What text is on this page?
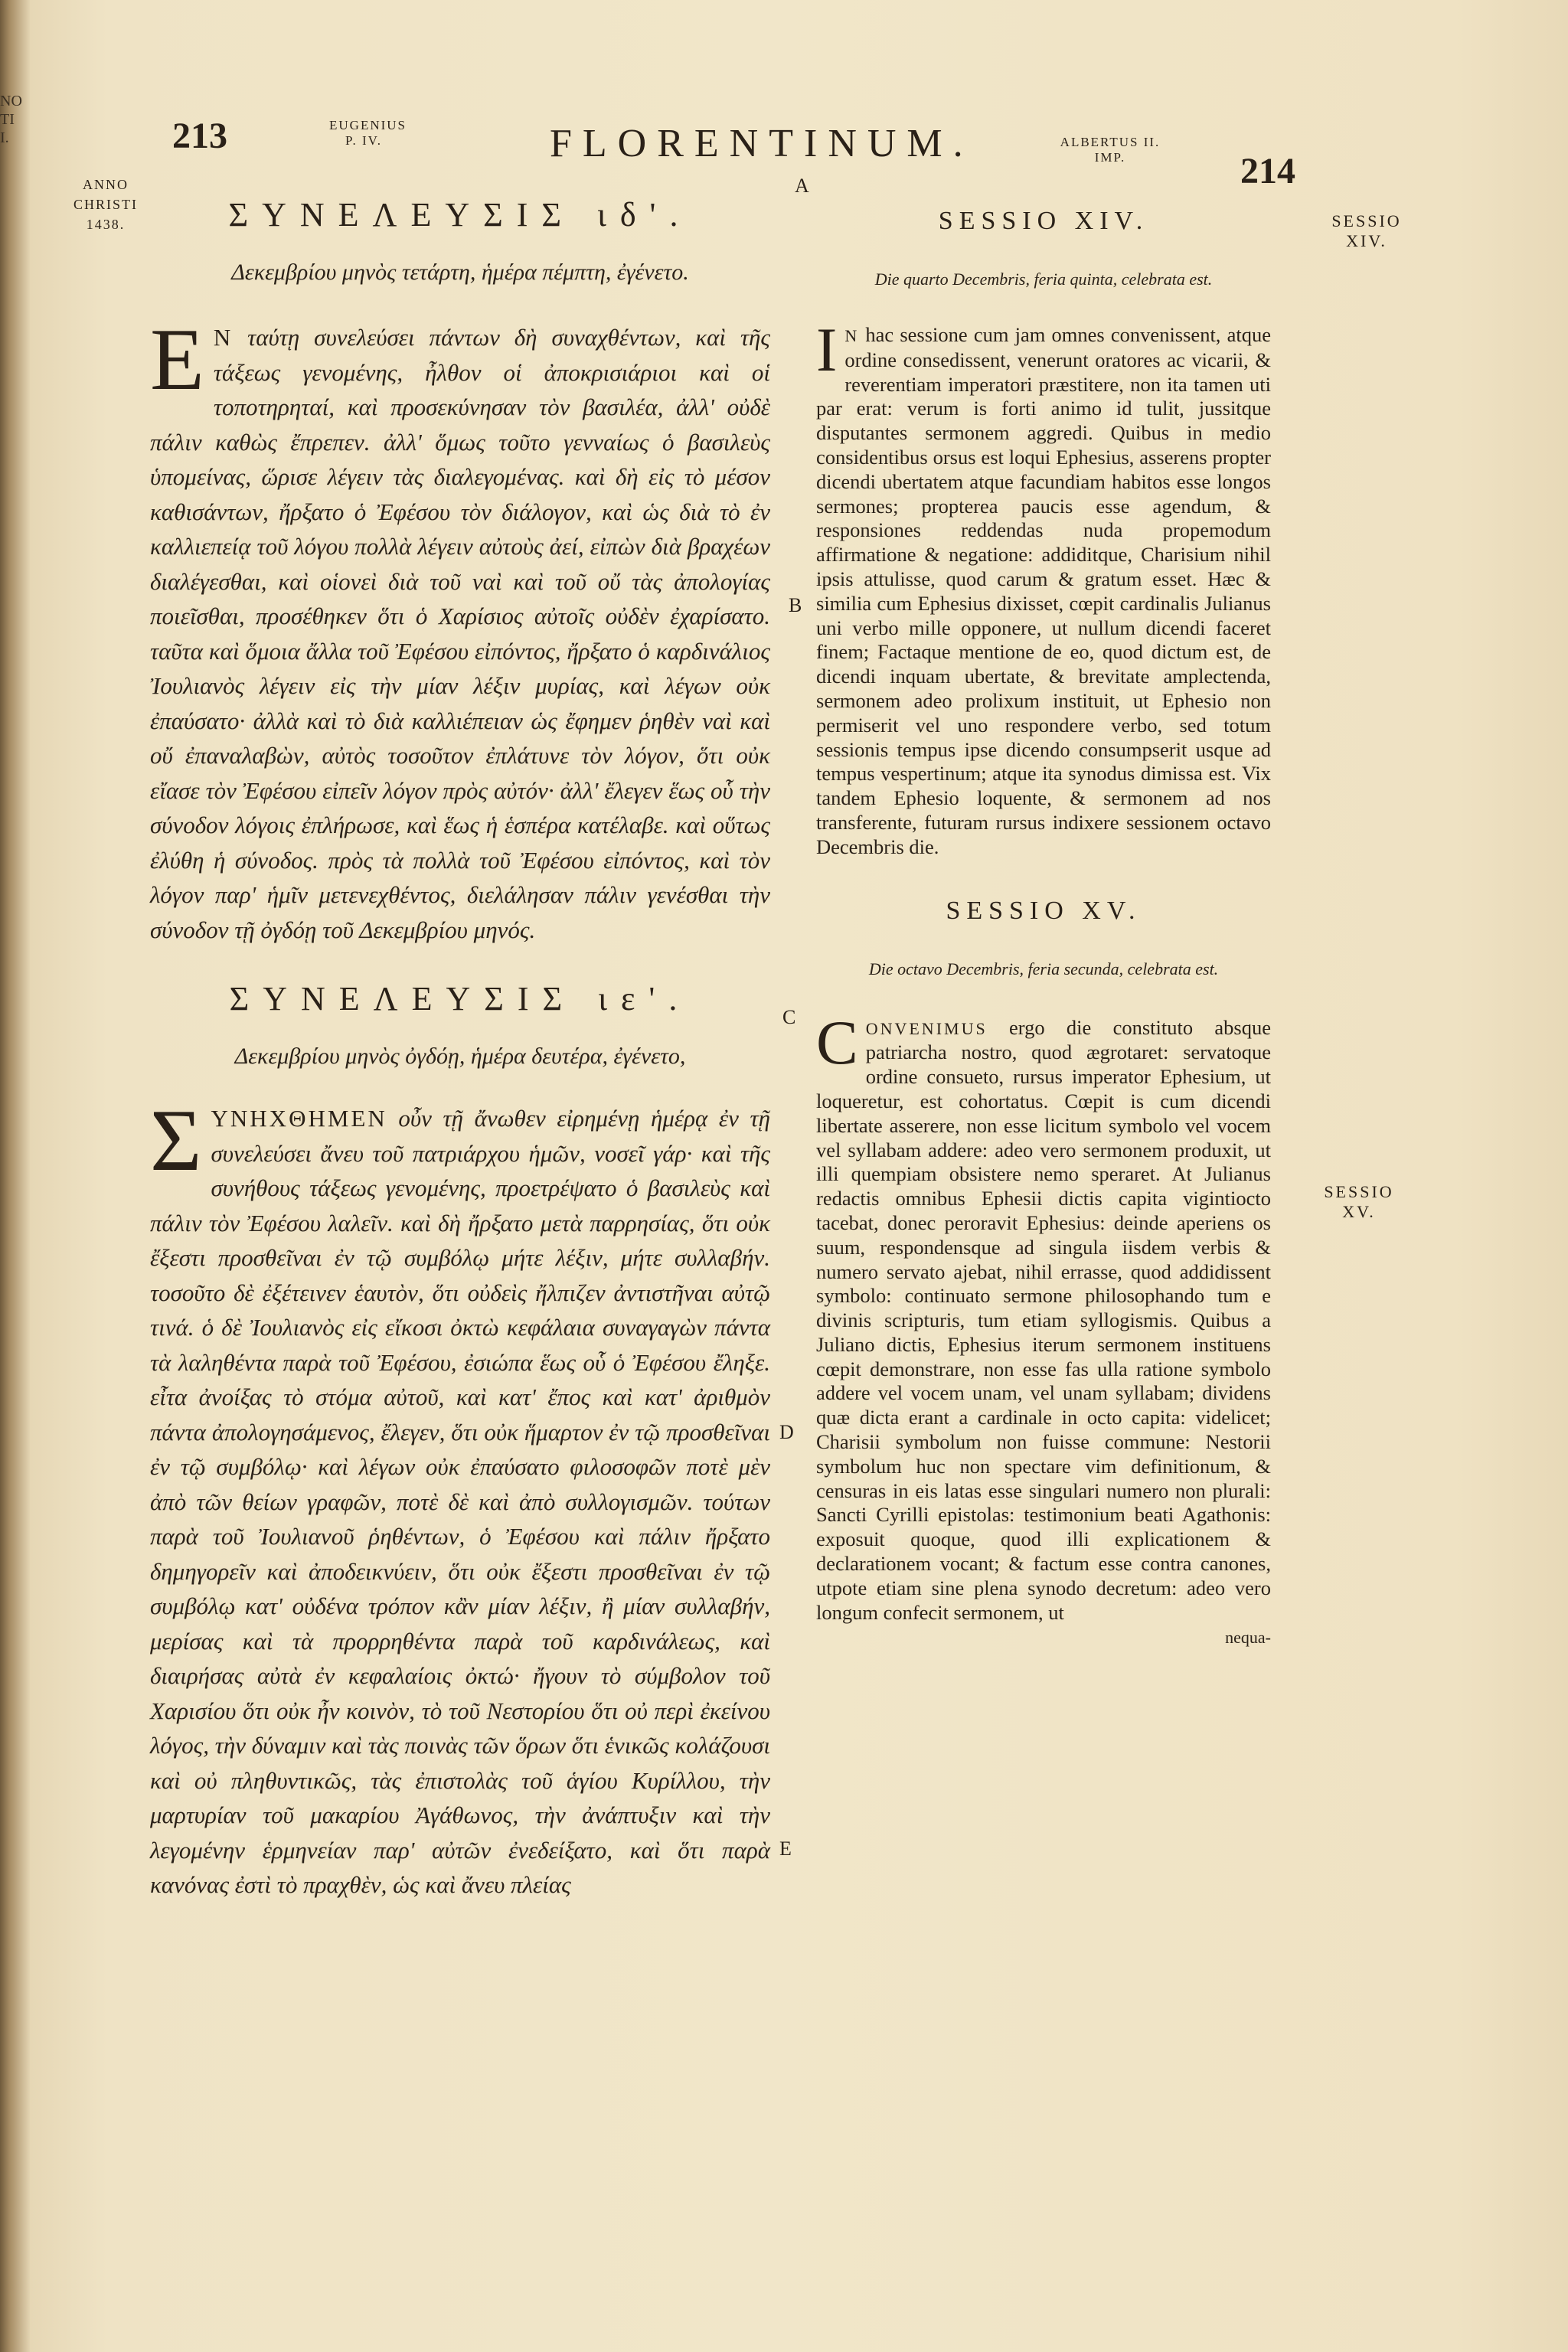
NO
TI
I.	213	EUGENIUS
P. IV.	FLORENTINUM.	ALBERTUS II.
IMP.	214
ANNO
CHRISTI
1438.	SESSIO
XIV.
SESSIO
XV.
A
B
C
D
E
ΣΥΝΕΛΕΥΣΙΣ ιδ'.
Δεκεμβρίου μηνὸς τετάρτη, ἡμέρα πέμπτη, ἐγένετο.
Ε Ν ταύτῃ συνελεύσει πάντων δὴ συναχθέντων, καὶ τῆς τάξεως γενομένης, ἦλθον οἱ ἀποκρισιάριοι καὶ οἱ τοποτηρηταί, καὶ προσεκύνησαν τὸν βασιλέα, ἀλλ' οὐδὲ πάλιν καθὼς ἔπρεπεν. ἀλλ' ὅμως τοῦτο γενναίως ὁ βασιλεὺς ὑπομείνας, ὥρισε λέγειν τὰς διαλεγομένας. καὶ δὴ εἰς τὸ μέσον καθισάντων, ἤρξατο ὁ Ἐφέσου τὸν διάλογον, καὶ ὡς διὰ τὸ ἐν καλλιεπείᾳ τοῦ λόγου πολλὰ λέγειν αὐτοὺς ἀεί, εἰπὼν διὰ βραχέων διαλέγεσθαι, καὶ οἱονεὶ διὰ τοῦ ναὶ καὶ τοῦ οὔ τὰς ἀπολογίας ποιεῖσθαι, προσέθηκεν ὅτι ὁ Χαρίσιος αὐτοῖς οὐδὲν ἐχαρίσατο. ταῦτα καὶ ὅμοια ἄλλα τοῦ Ἐφέσου εἰπόντος, ἤρξατο ὁ καρδινάλιος Ἰουλιανὸς λέγειν εἰς τὴν μίαν λέξιν μυρίας, καὶ λέγων οὐκ ἐπαύσατο· ἀλλὰ καὶ τὸ διὰ καλλιέπειαν ὡς ἔφημεν ῥηθὲν ναὶ καὶ οὔ ἐπαναλαβὼν, αὐτὸς τοσοῦτον ἐπλάτυνε τὸν λόγον, ὅτι οὐκ εἴασε τὸν Ἐφέσου εἰπεῖν λόγον πρὸς αὐτόν· ἀλλ' ἔλεγεν ἕως οὗ τὴν σύνοδον λόγοις ἐπλήρωσε, καὶ ἕως ἡ ἑσπέρα κατέλαβε. καὶ οὕτως ἐλύθη ἡ σύνοδος. πρὸς τὰ πολλὰ τοῦ Ἐφέσου εἰπόντος, καὶ τὸν λόγον παρ' ἡμῖν μετενεχθέντος, διελάλησαν πάλιν γενέσθαι τὴν σύνοδον τῇ ὀγδόῃ τοῦ Δεκεμβρίου μηνός.
ΣΥΝΕΛΕΥΣΙΣ ιε'.
Δεκεμβρίου μηνὸς ὀγδόῃ, ἡμέρα δευτέρα, ἐγένετο,
ΣΥΝΗΧΘΗΜΕΝ οὖν τῇ ἄνωθεν εἰρημένῃ ἡμέρᾳ ἐν τῇ συνελεύσει ἄνευ τοῦ πατριάρχου ἡμῶν, νοσεῖ γάρ· καὶ τῆς συνήθους τάξεως γενομένης, προετρέψατο ὁ βασιλεὺς καὶ πάλιν τὸν Ἐφέσου λαλεῖν. καὶ δὴ ἤρξατο μετὰ παρρησίας, ὅτι οὐκ ἔξεστι προσθεῖναι ἐν τῷ συμβόλῳ μήτε λέξιν, μήτε συλλαβήν. τοσοῦτο δὲ ἐξέτεινεν ἑαυτὸν, ὅτι οὐδεὶς ἤλπιζεν ἀντιστῆναι αὐτῷ τινά. ὁ δὲ Ἰουλιανὸς εἰς εἴκοσι ὀκτὼ κεφάλαια συναγαγὼν πάντα τὰ λαληθέντα παρὰ τοῦ Ἐφέσου, ἐσιώπα ἕως οὗ ὁ Ἐφέσου ἔληξε. εἶτα ἀνοίξας τὸ στόμα αὐτοῦ, καὶ κατ' ἔπος καὶ κατ' ἀριθμὸν πάντα ἀπολογησάμενος, ἔλεγεν, ὅτι οὐκ ἥμαρτον ἐν τῷ προσθεῖναι ἐν τῷ συμβόλῳ· καὶ λέγων οὐκ ἐπαύσατο φιλοσοφῶν ποτὲ μὲν ἀπὸ τῶν θείων γραφῶν, ποτὲ δὲ καὶ ἀπὸ συλλογισμῶν. τούτων παρὰ τοῦ Ἰουλιανοῦ ῥηθέντων, ὁ Ἐφέσου καὶ πάλιν ἤρξατο δημηγορεῖν καὶ ἀποδεικνύειν, ὅτι οὐκ ἔξεστι προσθεῖναι ἐν τῷ συμβόλῳ κατ' οὐδένα τρόπον κἂν μίαν λέξιν, ἢ μίαν συλλαβήν, μερίσας καὶ τὰ προρρηθέντα παρὰ τοῦ καρδινάλεως, καὶ διαιρήσας αὐτὰ ἐν κεφαλαίοις ὀκτώ· ἤγουν τὸ σύμβολον τοῦ Χαρισίου ὅτι οὐκ ἦν κοινὸν, τὸ τοῦ Νεστορίου ὅτι οὐ περὶ ἐκείνου λόγος, τὴν δύναμιν καὶ τὰς ποινὰς τῶν ὅρων ὅτι ἑνικῶς κολάζουσι καὶ οὐ πληθυντικῶς, τὰς ἐπιστολὰς τοῦ ἁγίου Κυρίλλου, τὴν μαρτυρίαν τοῦ μακαρίου Ἀγάθωνος, τὴν ἀνάπτυξιν καὶ τὴν λεγομένην ἑρμηνείαν παρ' αὐτῶν ἐνεδείξατο, καὶ ὅτι παρὰ κανόνας ἐστὶ τὸ πραχθὲν, ὡς καὶ ἄνευ πλείας
SESSIO XIV.
Die quarto Decembris, feria quinta, celebrata est.
I N hac sessione cum jam omnes convenissent, atque ordine consedissent, venerunt oratores ac vicarii, & reverentiam imperatori præstitere, non ita tamen uti par erat: verum is forti animo id tulit, jussitque disputantes sermonem aggredi. Quibus in medio considentibus orsus est loqui Ephesius, asserens propter dicendi ubertatem atque facundiam habitos esse longos sermones; propterea paucis esse agendum, & responsiones reddendas nuda propemodum affirmatione & negatione: addiditque, Charisium nihil ipsis attulisse, quod carum & gratum esset. Hæc & similia cum Ephesius dixisset, cœpit cardinalis Julianus uni verbo mille opponere, ut nullum dicendi faceret finem; Factaque mentione de eo, quod dictum est, de dicendi inquam ubertate, & brevitate amplectenda, sermonem adeo prolixum instituit, ut Ephesio non permiserit vel uno respondere verbo, sed totum sessionis tempus ipse dicendo consumpserit usque ad tempus vespertinum; atque ita synodus dimissa est. Vix tandem Ephesio loquente, & sermonem ad nos transferente, futuram rursus indixere sessionem octavo Decembris die.
SESSIO XV.
Die octavo Decembris, feria secunda, celebrata est.
CONVENIMUS ergo die constituto absque patriarcha nostro, quod ægrotaret: servatoque ordine consueto, rursus imperator Ephesium, ut loqueretur, est cohortatus. Cœpit is cum dicendi libertate asserere, non esse licitum symbolo vel vocem vel syllabam addere: adeo vero sermonem produxit, ut illi quempiam obsistere nemo speraret. At Julianus redactis omnibus Ephesii dictis capita vigintiocto tacebat, donec peroravit Ephesius: deinde aperiens os suum, respondensque ad singula iisdem verbis & numero servato ajebat, nihil errasse, quod addidissent symbolo: continuato sermone philosophando tum e divinis scripturis, tum etiam syllogismis. Quibus a Juliano dictis, Ephesius iterum sermonem instituens cœpit demonstrare, non esse fas ulla ratione symbolo addere vel vocem unam, vel unam syllabam; dividens quæ dicta erant a cardinale in octo capita: videlicet; Charisii symbolum non fuisse commune: Nestorii symbolum huc non spectare vim definitionum, & censuras in eis latas esse singulari numero non plurali: Sancti Cyrilli epistolas: testimonium beati Agathonis: exposuit quoque, quod illi explicationem & declarationem vocant; & factum esse contra canones, utpote etiam sine plena synodo decretum: adeo vero longum confecit sermonem, ut
nequa-
